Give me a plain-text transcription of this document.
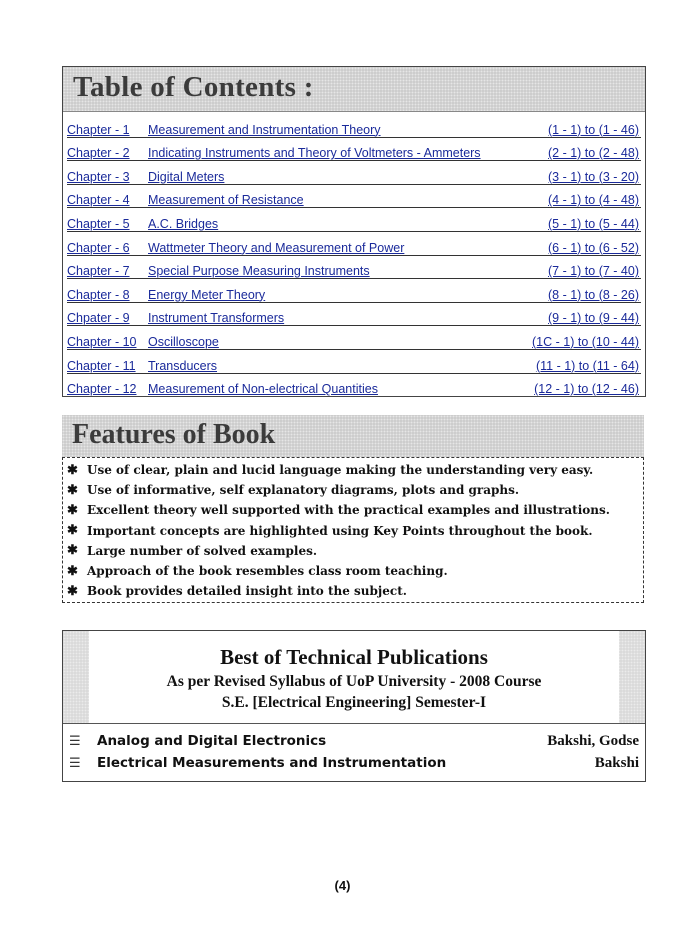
Table of Contents :
Chapter - 1	Measurement and Instrumentation Theory	(1 - 1) to (1 - 46)
Chapter - 2	Indicating Instruments and Theory of Voltmeters - Ammeters	(2 - 1) to (2 - 48)
Chapter - 3	Digital Meters	(3 - 1) to (3 - 20)
Chapter - 4	Measurement of Resistance	(4 - 1) to (4 - 48)
Chapter - 5	A.C. Bridges	(5 - 1) to (5 - 44)
Chapter - 6	Wattmeter Theory and Measurement of Power	(6 - 1) to (6 - 52)
Chapter - 7	Special Purpose Measuring Instruments	(7 - 1) to (7 - 40)
Chapter - 8	Energy Meter Theory	(8 - 1) to (8 - 26)
Chpater - 9	Instrument Transformers	(9 - 1) to (9 - 44)
Chapter - 10 Oscilloscope	(1C - 1) to (10 - 44)
Chapter - 11 Transducers	(11 - 1) to (11 - 64)
Chapter - 12 Measurement of Non-electrical Quantities	(12 - 1) to (12 - 46)
Features of Book
✱ Use of clear, plain and lucid language making the understanding very easy.
✱ Use of informative, self explanatory diagrams, plots and graphs.
✱ Excellent theory well supported with the practical examples and illustrations.
✱ Important concepts are highlighted using Key Points throughout the book.
✱ Large number of solved examples.
✱ Approach of the book resembles class room teaching.
✱ Book provides detailed insight into the subject.
Best of Technical Publications
As per Revised Syllabus of UoP University - 2008 Course
S.E. [Electrical Engineering] Semester-I
☰	Analog and Digital Electronics	Bakshi, Godse
☰	Electrical Measurements and Instrumentation	Bakshi
(4)
